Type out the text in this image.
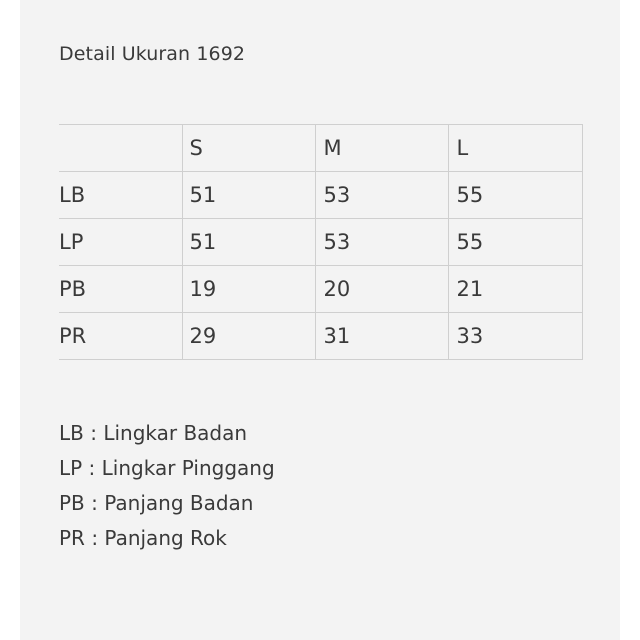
Detail Ukuran 1692
	S	M	L
LB	51	53	55
LP	51	53	55
PB	19	20	21
PR	29	31	33
LB : Lingkar Badan
LP : Lingkar Pinggang
PB : Panjang Badan
PR : Panjang Rok
